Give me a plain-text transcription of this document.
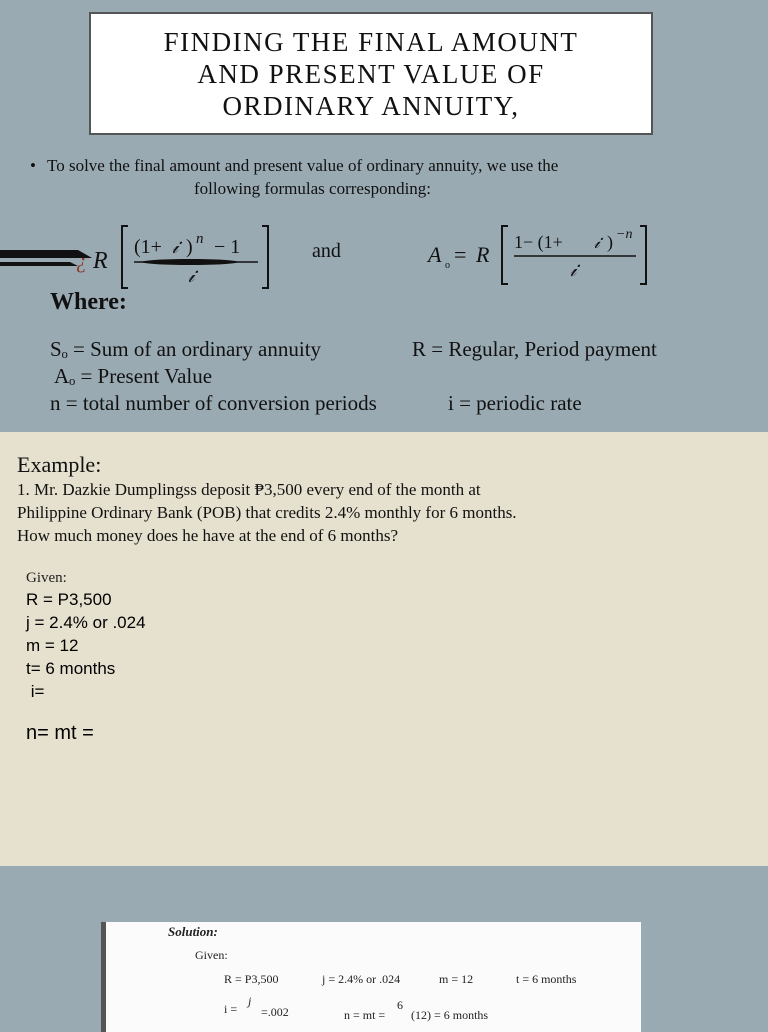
FINDING THE FINAL AMOUNT
AND PRESENT VALUE OF
ORDINARY ANNUITY,
• To solve the final amount and present value of ordinary annuity, we use the
following formulas corresponding:
¿ R
(1+ 𝒾 ) n − 1
𝒾
and	A o = R 1− (1+ 𝒾 ) −n
𝒾
Where:
Sₒ = Sum of an ordinary annuity	R = Regular, Period payment
Aₒ = Present Value
n = total number of conversion periods	i = periodic rate
Example:
1. Mr. Dazkie Dumplingss deposit ₱3,500 every end of the month at
Philippine Ordinary Bank (POB) that credits 2.4% monthly for 6 months.
How much money does he have at the end of 6 months?
Given:
R = P3,500
j = 2.4% or .024
m = 12
t= 6 months
i=
n= mt =
Solution:
Given:
R = P3,500	j = 2.4% or .024	m = 12	t = 6 months
i =
j
=.002	n = mt =
6
(12) = 6 months
